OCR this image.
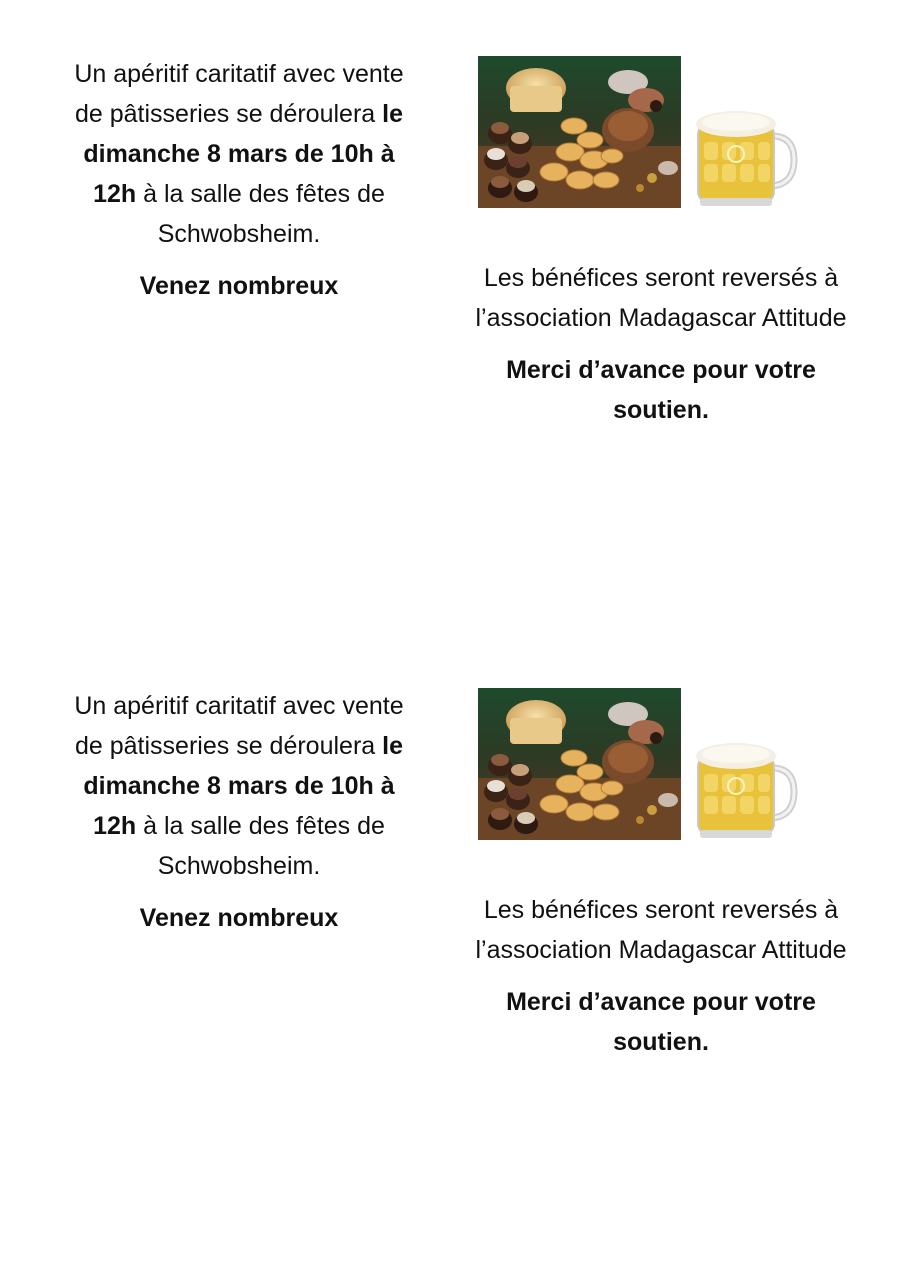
Un apéritif caritatif avec vente de pâtisseries se déroulera le dimanche 8 mars de 10h à 12h à la salle des fêtes de Schwobsheim.

Venez nombreux	Les bénéfices seront reversés à l’association Madagascar Attitude

Merci d’avance pour votre soutien.

Un apéritif caritatif avec vente de pâtisseries se déroulera le dimanche 8 mars de 10h à 12h à la salle des fêtes de Schwobsheim.

Venez nombreux	Les bénéfices seront reversés à l’association Madagascar Attitude

Merci d’avance pour votre soutien.
